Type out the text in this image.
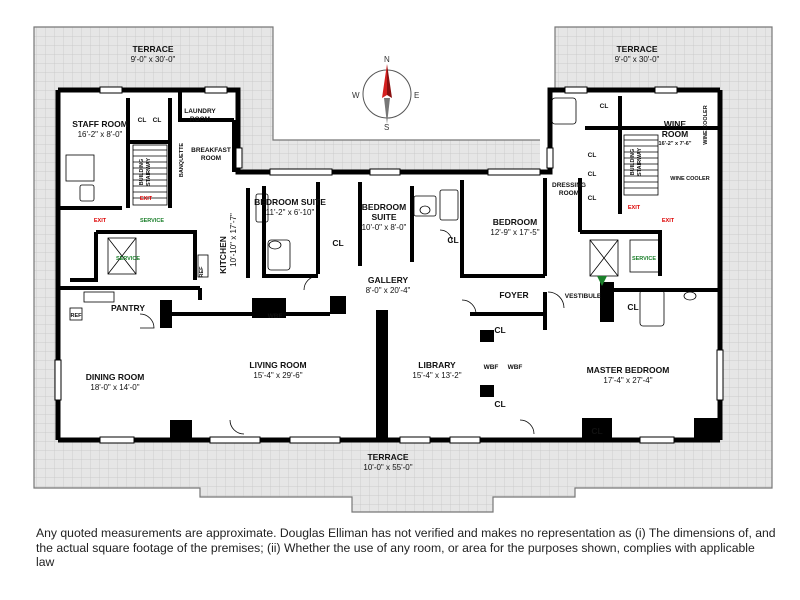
N
S
E
W
TERRACE
9'-0" x 30'-0"
TERRACE
9'-0" x 30'-0"
TERRACE
10'-0" x 55'-0"
STAFF ROOM
16'-2" x 8'-0"
LAUNDRY
ROOM
BREAKFAST
ROOM
BANQUETTE
BUILDING STAIRWAY
KITCHEN 10'-10" x 17'-7"
BEDROOM SUITE
11'-2" x 6'-10"
BEDROOM
SUITE
10'-0" x 8'-0"
BEDROOM
12'-9" x 17'-5"
DRESSING
ROOM
WINE
ROOM
16'-2" x 7'-6" WINE COOLER
WINE COOLER
BUILDING STAIRWAY
GALLERY
8'-0" x 20'-4"	FOYER	VESTIBULE
PANTRY
DINING ROOM
18'-0" x 14'-0"
LIVING ROOM
15'-4" x 29'-6"
LIBRARY
15'-4" x 13'-2"
MASTER BEDROOM
17'-4" x 27'-4"
CL CL
CL	CL
CL
CL
CL
CL
CL
CL
CL
CL
WBF
WBF WBF
REF
REF
EXIT
EXIT
EXIT
EXIT
SERVICE
SERVICE	SERVICE
Any quoted measurements are approximate. Douglas Elliman has not verified and makes no representation as (i) The dimensions of, and the actual square footage of the premises; (ii) Whether the use of any room, or area for the purposes shown, complies with applicable law
